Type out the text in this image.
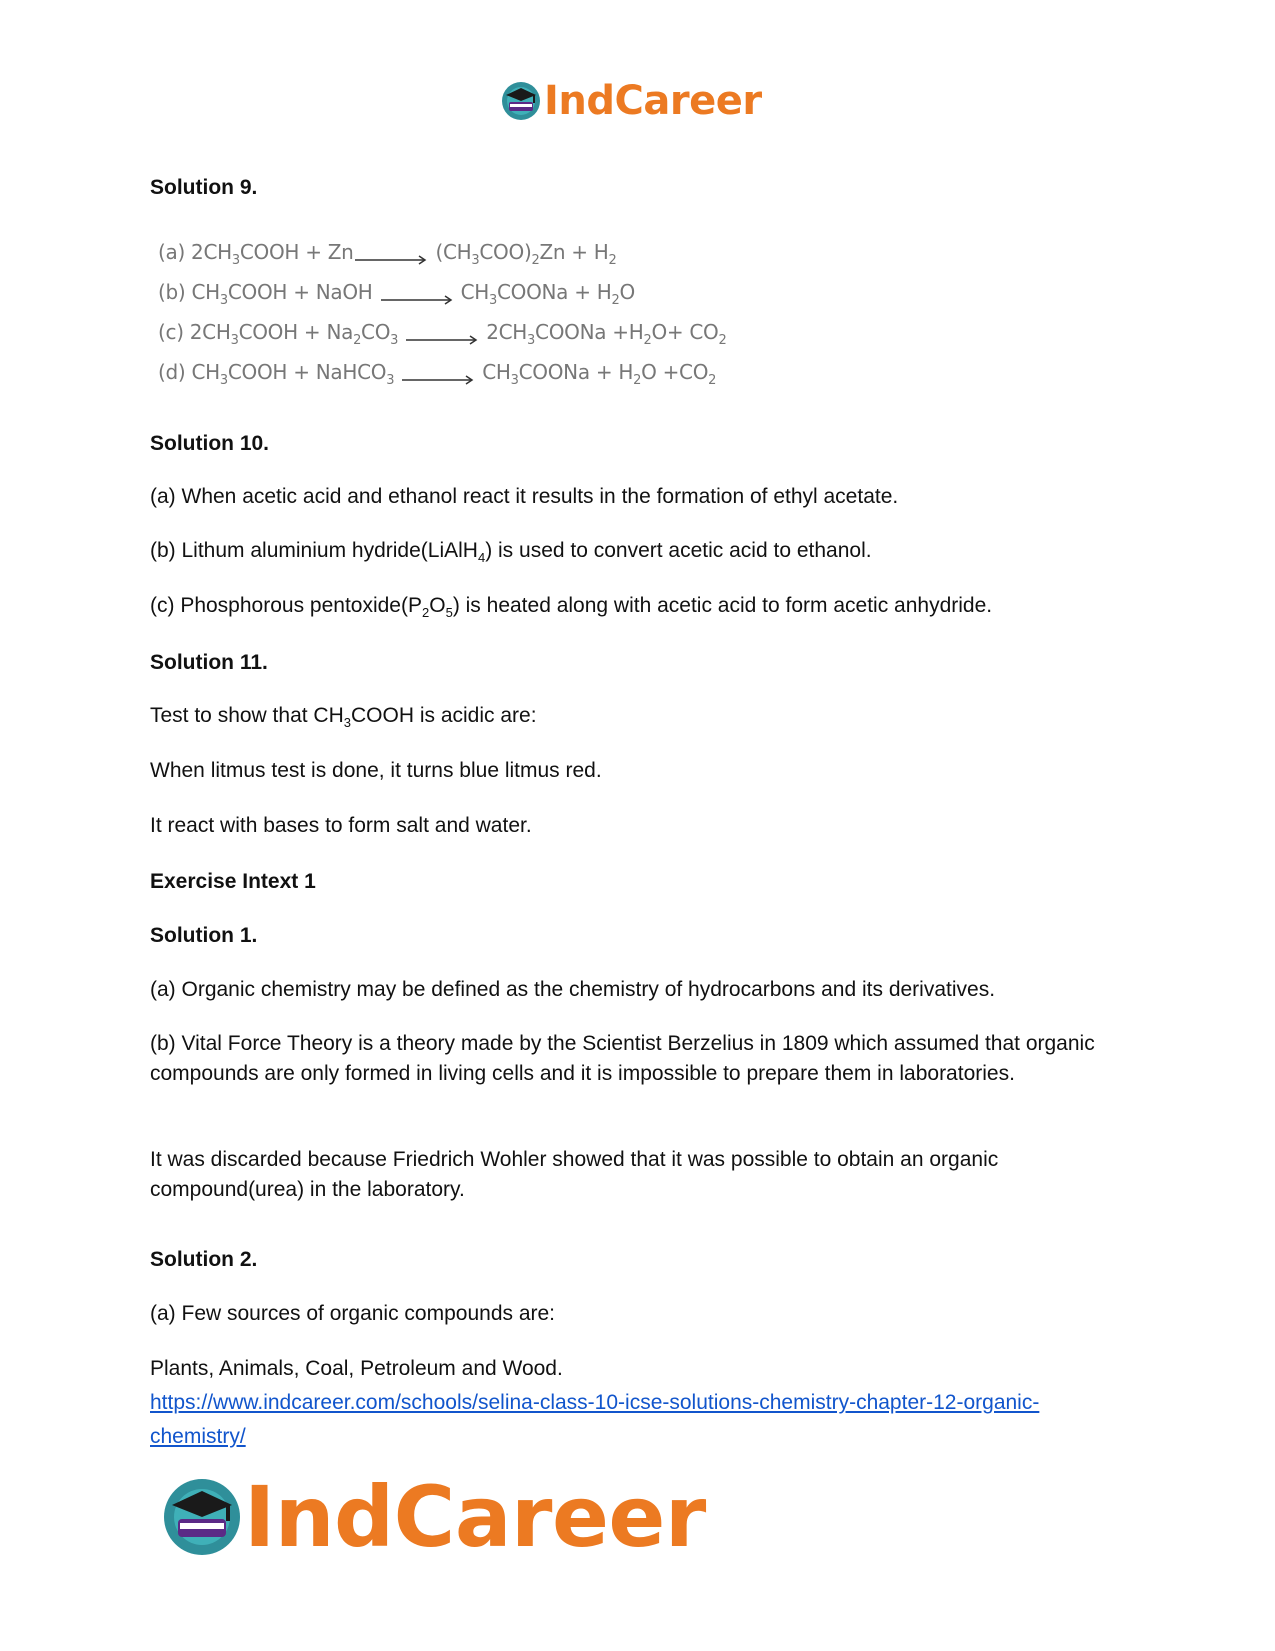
IndCareer
Solution 9.
(a) $2CH_3COOH + Zn$	$(CH_3COO)_2Zn + H_2$
(b) $CH_3COOH$ + NaOH	$CH_3COONa + H_2O$
(c) $2CH_3COOH + Na_2CO_3$	$2CH_3COONa +H_2O+ CO_2$
(d) $CH_3COOH$ + NaHCO$_3$	$CH_3COONa + H_2O +CO_2$
Solution 10.
(a) When acetic acid and ethanol react it results in the formation of ethyl acetate.
(b) Lithum aluminium hydride(LiAlH$_4$) is used to convert acetic acid to ethanol.
(c) Phosphorous $pentoxide(P_2O_5)$ is heated along with acetic acid to form acetic anhydride.
Solution 11.
Test to show that $CH_3COOH$ is acidic are:
When litmus test is done, it turns blue litmus red.
It react with bases to form salt and water.
Exercise Intext 1
Solution 1.
(a) Organic chemistry may be defined as the chemistry of hydrocarbons and its derivatives.
(b) Vital Force Theory is a theory made by the Scientist Berzelius in 1809 which assumed that organic compounds are only formed in living cells and it is impossible to prepare them in laboratories.
It was discarded because Friedrich Wohler showed that it was possible to obtain an organic compound(urea) in the laboratory.
Solution 2.
(a) Few sources of organic compounds are:
Plants, Animals, Coal, Petroleum and Wood.
https://www.indcareer.com/schools/selina-class-10-icse-solutions-chemistry-chapter-12-organic-
chemistry/
IndCareer
